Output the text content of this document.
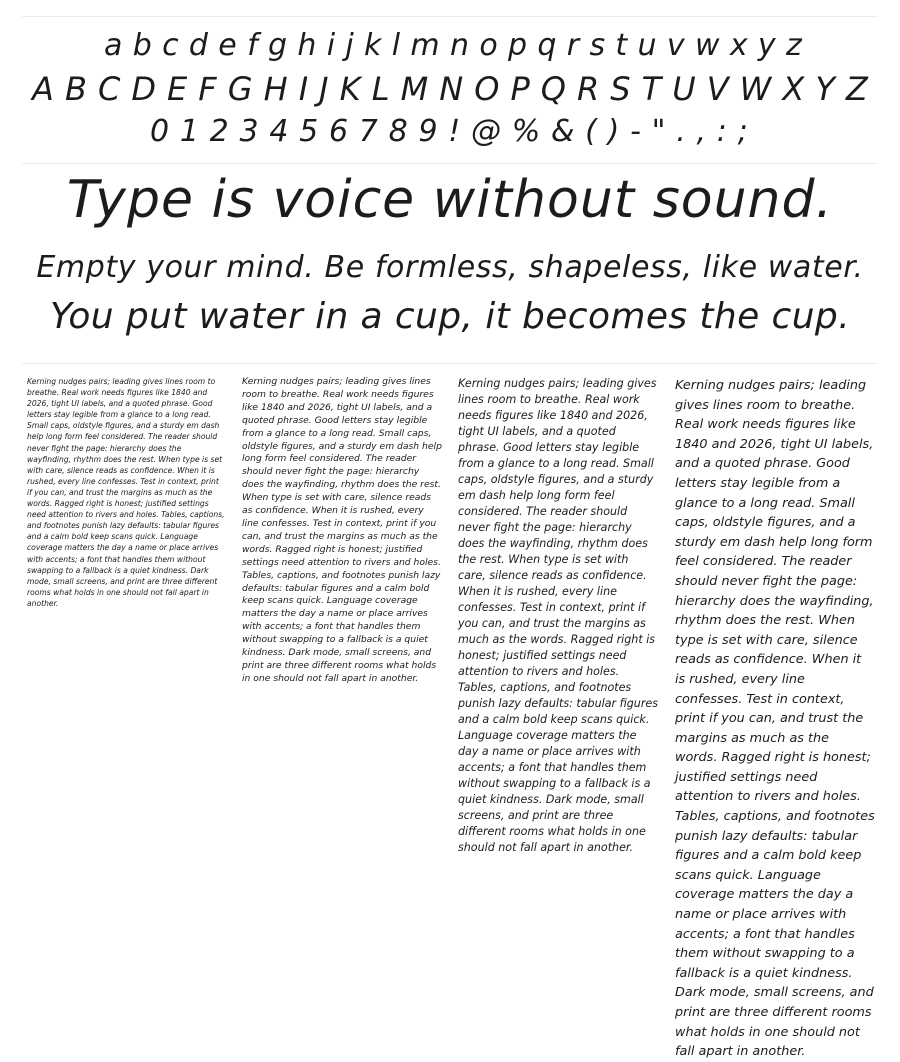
a b c d e f g h i j k l m n o p q r s t u v w x y z
A B C D E F G H I J K L M N O P Q R S T U V W X Y Z
0 1 2 3 4 5 6 7 8 9 ! @ % & ( ) - " . , : ;
Type is voice without sound.
Empty your mind. Be formless, shapeless, like water.
You put water in a cup, it becomes the cup.
Kerning nudges pairs; leading gives lines room to breathe. Real work needs figures like 1840 and 2026, tight UI labels, and a quoted phrase. Good letters stay legible from a glance to a long read. Small caps, oldstyle figures, and a sturdy em dash help long form feel considered. The reader should never fight the page: hierarchy does the wayfinding, rhythm does the rest. When type is set with care, silence reads as confidence. When it is rushed, every line confesses. Test in context, print if you can, and trust the margins as much as the words. Ragged right is honest; justified settings need attention to rivers and holes. Tables, captions, and footnotes punish lazy defaults: tabular figures and a calm bold keep scans quick. Language coverage matters the day a name or place arrives with accents; a font that handles them without swapping to a fallback is a quiet kindness. Dark mode, small screens, and print are three different rooms what holds in one should not fall apart in another.
Kerning nudges pairs; leading gives lines room to breathe. Real work needs figures like 1840 and 2026, tight UI labels, and a quoted phrase. Good letters stay legible from a glance to a long read. Small caps, oldstyle figures, and a sturdy em dash help long form feel considered. The reader should never fight the page: hierarchy does the wayfinding, rhythm does the rest. When type is set with care, silence reads as confidence. When it is rushed, every line confesses. Test in context, print if you can, and trust the margins as much as the words. Ragged right is honest; justified settings need attention to rivers and holes. Tables, captions, and footnotes punish lazy defaults: tabular figures and a calm bold keep scans quick. Language coverage matters the day a name or place arrives with accents; a font that handles them without swapping to a fallback is a quiet kindness. Dark mode, small screens, and print are three different rooms what holds in one should not fall apart in another.
Kerning nudges pairs; leading gives lines room to breathe. Real work needs figures like 1840 and 2026, tight UI labels, and a quoted phrase. Good letters stay legible from a glance to a long read. Small caps, oldstyle figures, and a sturdy em dash help long form feel considered. The reader should never fight the page: hierarchy does the wayfinding, rhythm does the rest. When type is set with care, silence reads as confidence. When it is rushed, every line confesses. Test in context, print if you can, and trust the margins as much as the words. Ragged right is honest; justified settings need attention to rivers and holes. Tables, captions, and footnotes punish lazy defaults: tabular figures and a calm bold keep scans quick. Language coverage matters the day a name or place arrives with accents; a font that handles them without swapping to a fallback is a quiet kindness. Dark mode, small screens, and print are three different rooms what holds in one should not fall apart in another.
Kerning nudges pairs; leading gives lines room to breathe. Real work needs figures like 1840 and 2026, tight UI labels, and a quoted phrase. Good letters stay legible from a glance to a long read. Small caps, oldstyle figures, and a sturdy em dash help long form feel considered. The reader should never fight the page: hierarchy does the wayfinding, rhythm does the rest. When type is set with care, silence reads as confidence. When it is rushed, every line confesses. Test in context, print if you can, and trust the margins as much as the words. Ragged right is honest; justified settings need attention to rivers and holes. Tables, captions, and footnotes punish lazy defaults: tabular figures and a calm bold keep scans quick. Language coverage matters the day a name or place arrives with accents; a font that handles them without swapping to a fallback is a quiet kindness. Dark mode, small screens, and print are three different rooms what holds in one should not fall apart in another.
